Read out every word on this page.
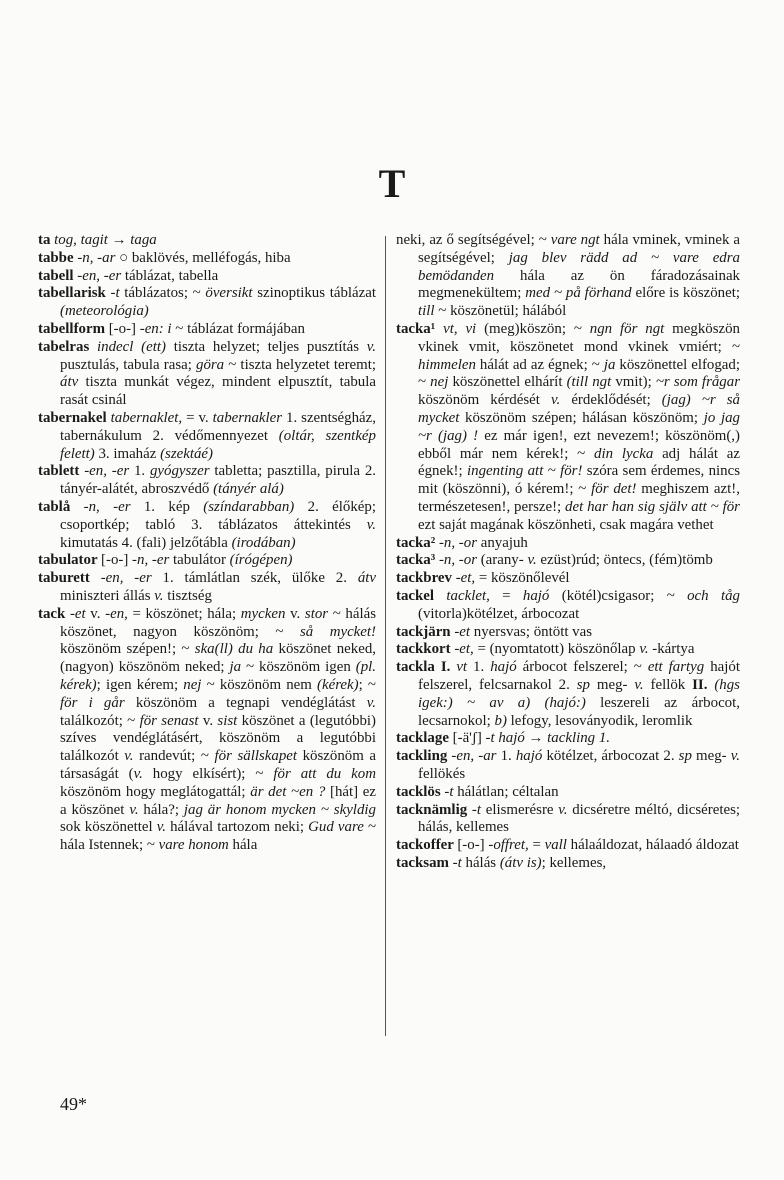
T

ta tog, tagit → taga

tabbe -n, -ar ○ baklövés, melléfogás, hiba

tabell -en, -er táblázat, tabella

tabellarisk -t táblázatos; ~ översikt szinoptikus táblázat (meteorológia)

tabellform [-o-] -en: i ~ táblázat formájában

tabelras indecl (ett) tiszta helyzet; teljes pusztítás v. pusztulás, tabula rasa; göra ~ tiszta helyzetet teremt; átv tiszta munkát végez, mindent elpusztít, tabula rasát csinál

tabernakel tabernaklet, = v. tabernakler 1. szentségház, tabernákulum 2. védőmennyezet (oltár, szentkép felett) 3. imaház (szektáé)

tablett -en, -er 1. gyógyszer tabletta; pasztilla, pirula 2. tányér-alátét, abroszvédő (tányér alá)

tablå -n, -er 1. kép (színdarabban) 2. élőkép; csoportkép; tabló 3. táblázatos áttekintés v. kimutatás 4. (fali) jelzőtábla (irodában)

tabulator [-o-] -n, -er tabulátor (írógépen)

taburett -en, -er 1. támlátlan szék, ülőke 2. átv miniszteri állás v. tisztség

tack -et v. -en, = köszönet; hála; mycken v. stor ~ hálás köszönet, nagyon köszönöm; ~ så mycket! köszönöm szépen!; ~ ska(ll) du ha köszönet neked, (nagyon) köszönöm neked; ja ~ köszönöm igen (pl. kérek); igen kérem; nej ~ köszönöm nem (kérek); ~ för i går köszönöm a tegnapi vendéglátást v. találkozót; ~ för senast v. sist köszönet a (legutóbbi) szíves vendéglátásért, köszönöm a legutóbbi találkozót v. randevút; ~ för sällskapet köszönöm a társaságát (v. hogy elkísért); ~ för att du kom köszönöm hogy meglátogattál; är det ~en ? [hát] ez a köszönet v. hála?; jag är honom mycken ~ skyldig sok köszönettel v. hálával tartozom neki; Gud vare ~ hála Istennek; ~ vare honom hála

neki, az ő segítségével; ~ vare ngt hála vminek, vminek a segítségével; jag blev rädd ad ~ vare edra bemödanden hála az ön fáradozásainak megmenekültem; med ~ på förhand előre is köszönet; till ~ köszönetül; hálából

tacka¹ vt, vi (meg)köszön; ~ ngn för ngt megköszön vkinek vmit, köszönetet mond vkinek vmiért; ~ himmelen hálát ad az égnek; ~ ja köszönettel elfogad; ~ nej köszönettel elhárít (till ngt vmit); ~r som frågar köszönöm kérdését v. érdeklődését; (jag) ~r så mycket köszönöm szépen; hálásan köszönöm; jo jag ~r (jag) ! ez már igen!, ezt nevezem!; köszönöm(,) ebből már nem kérek!; ~ din lycka adj hálát az égnek!; ingenting att ~ för! szóra sem érdemes, nincs mit (köszönni), ó kérem!; ~ för det! meghiszem azt!, természetesen!, persze!; det har han sig själv att ~ för ezt saját magának köszönheti, csak magára vethet

tacka² -n, -or anyajuh

tacka³ -n, -or (arany- v. ezüst)rúd; öntecs, (fém)tömb

tackbrev -et, = köszönőlevél

tackel tacklet, = hajó (kötél)csigasor; ~ och tåg (vitorla)kötélzet, árbocozat

tackjärn -et nyersvas; öntött vas

tackkort -et, = (nyomtatott) köszönőlap v. -kártya

tackla I. vt 1. hajó árbocot felszerel; ~ ett fartyg hajót felszerel, felcsarnakol 2. sp meg- v. fellök II. (hgs igek:) ~ av a) (hajó:) leszereli az árbocot, lecsarnokol; b) lefogy, lesoványodik, leromlik

tacklage [-ä'ʃ] -t hajó → tackling 1.

tackling -en, -ar 1. hajó kötélzet, árbocozat 2. sp meg- v. fellökés

tacklös -t hálátlan; céltalan

tacknämlig -t elismerésre v. dicséretre méltó, dicséretes; hálás, kellemes

tackoffer [-o-] -offret, = vall hálaáldozat, hálaadó áldozat

tacksam -t hálás (átv is); kellemes,

49*
